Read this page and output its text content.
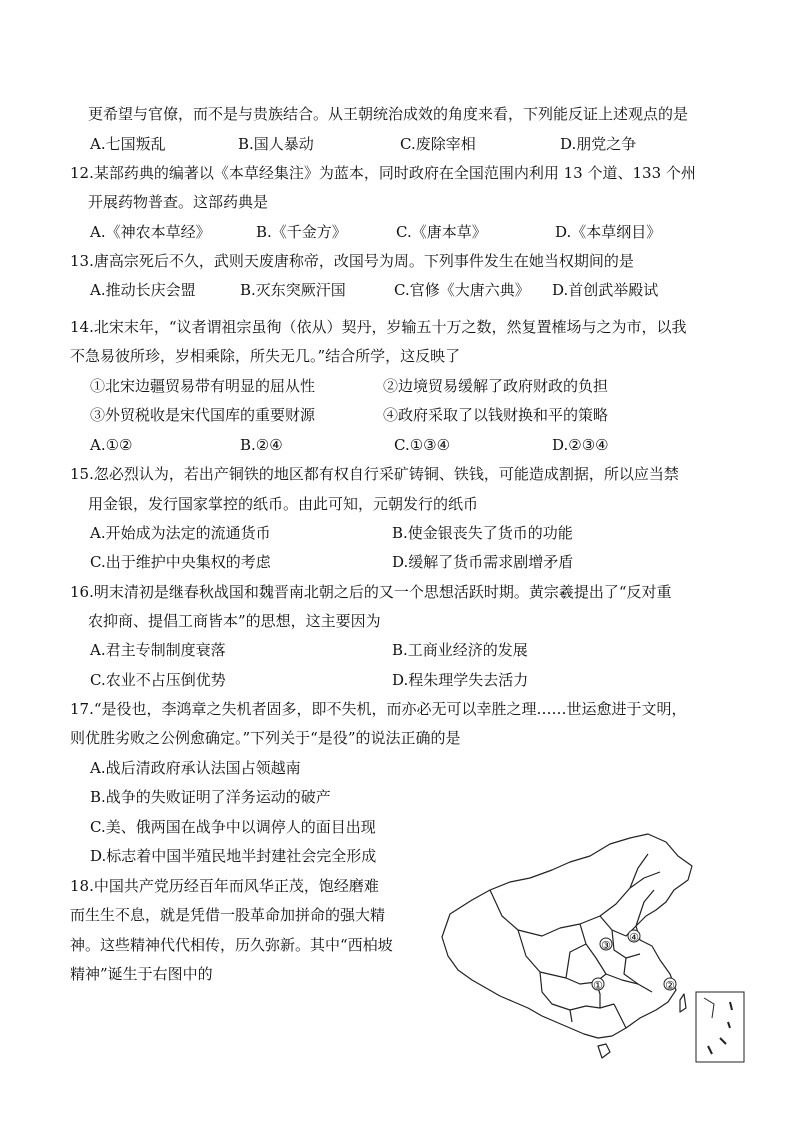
更希望与官僚，而不是与贵族结合。从王朝统治成效的角度来看，下列能反证上述观点的是
A.七国叛乱	B.国人暴动	C.废除宰相	D.朋党之争
12.某部药典的编著以《本草经集注》为蓝本，同时政府在全国范围内利用 13 个道、133 个州
开展药物普查。这部药典是
A.《神农本草经》	B.《千金方》	C.《唐本草》	D.《本草纲目》
13.唐高宗死后不久，武则天废唐称帝，改国号为周。下列事件发生在她当权期间的是
A.推动长庆会盟	B.灭东突厥汗国	C.官修《大唐六典》 D.首创武举殿试
14.北宋末年，“议者谓祖宗虽徇（依从）契丹，岁输五十万之数，然复置榷场与之为市，以我
不急易彼所珍，岁相乘除，所失无几。”结合所学，这反映了
①北宋边疆贸易带有明显的屈从性	②边境贸易缓解了政府财政的负担
③外贸税收是宋代国库的重要财源	④政府采取了以钱财换和平的策略
A.①②	B.②④	C.①③④	D.②③④
15.忽必烈认为，若出产铜铁的地区都有权自行采矿铸铜、铁钱，可能造成割据，所以应当禁
用金银，发行国家掌控的纸币。由此可知，元朝发行的纸币
A.开始成为法定的流通货币	B.使金银丧失了货币的功能
C.出于维护中央集权的考虑	D.缓解了货币需求剧增矛盾
16.明末清初是继春秋战国和魏晋南北朝之后的又一个思想活跃时期。黄宗羲提出了“反对重
农抑商、提倡工商皆本”的思想，这主要因为
A.君主专制制度衰落	B.工商业经济的发展
C.农业不占压倒优势	D.程朱理学失去活力
17.“是役也，李鸿章之失机者固多，即不失机，而亦必无可以幸胜之理……世运愈进于文明，
则优胜劣败之公例愈确定。”下列关于“是役”的说法正确的是
A.战后清政府承认法国占领越南
B.战争的失败证明了洋务运动的破产
C.美、俄两国在战争中以调停人的面目出现
D.标志着中国半殖民地半封建社会完全形成
18.中国共产党历经百年而风华正茂，饱经磨难
而生生不息，就是凭借一股革命加拼命的强大精
神。这些精神代代相传，历久弥新。其中“西柏坡
精神”诞生于右图中的
①	②
③
④
